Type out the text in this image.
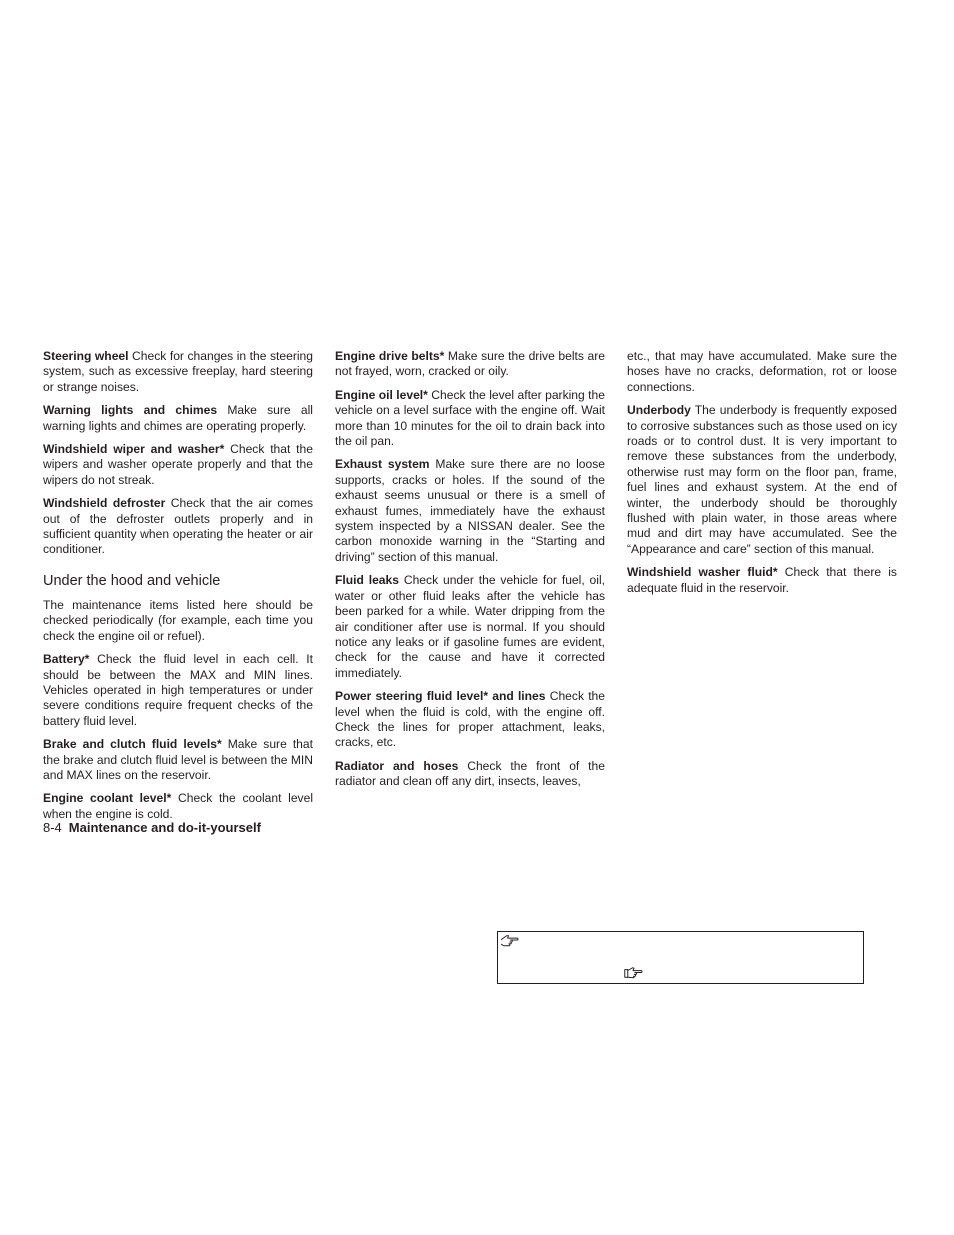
Steering wheel Check for changes in the steering system, such as excessive freeplay, hard steering or strange noises.

Warning lights and chimes Make sure all warning lights and chimes are operating properly.

Windshield wiper and washer* Check that the wipers and washer operate properly and that the wipers do not streak.

Windshield defroster Check that the air comes out of the defroster outlets properly and in sufficient quantity when operating the heater or air conditioner.

Under the hood and vehicle

The maintenance items listed here should be checked periodically (for example, each time you check the engine oil or refuel).

Battery* Check the fluid level in each cell. It should be between the MAX and MIN lines. Vehicles operated in high temperatures or under severe conditions require frequent checks of the battery fluid level.

Brake and clutch fluid levels* Make sure that the brake and clutch fluid level is between the MIN and MAX lines on the reservoir.

Engine coolant level* Check the coolant level when the engine is cold.

Engine drive belts* Make sure the drive belts are not frayed, worn, cracked or oily.

Engine oil level* Check the level after parking the vehicle on a level surface with the engine off. Wait more than 10 minutes for the oil to drain back into the oil pan.

Exhaust system Make sure there are no loose supports, cracks or holes. If the sound of the exhaust seems unusual or there is a smell of exhaust fumes, immediately have the exhaust system inspected by a NISSAN dealer. See the carbon monoxide warning in the “Starting and driving” section of this manual.

Fluid leaks Check under the vehicle for fuel, oil, water or other fluid leaks after the vehicle has been parked for a while. Water dripping from the air conditioner after use is normal. If you should notice any leaks or if gasoline fumes are evident, check for the cause and have it corrected immediately.

Power steering fluid level* and lines Check the level when the fluid is cold, with the engine off. Check the lines for proper attachment, leaks, cracks, etc.

Radiator and hoses Check the front of the radiator and clean off any dirt, insects, leaves,

etc., that may have accumulated. Make sure the hoses have no cracks, deformation, rot or loose connections.

Underbody The underbody is frequently exposed to corrosive substances such as those used on icy roads or to control dust. It is very important to remove these substances from the underbody, otherwise rust may form on the floor pan, frame, fuel lines and exhaust system. At the end of winter, the underbody should be thoroughly flushed with plain water, in those areas where mud and dirt may have accumulated. See the “Appearance and care” section of this manual.

Windshield washer fluid* Check that there is adequate fluid in the reservoir.

8-4 Maintenance and do-it-yourself
